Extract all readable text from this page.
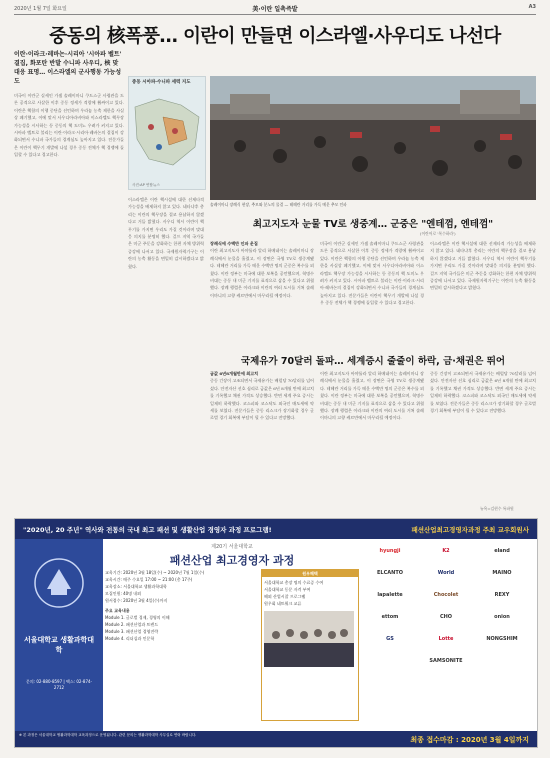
2020년 1월 7일 화요일	美·이란 일촉즉발	A3
중동의 核폭풍… 이란이 만들면 이스라엘·사우디도 나선다
이란·이라크·레바논·시리아 '시아파 벨트' 결집, 화포탄 반발 수니파 사우디, 核 맞대응 표명… 이스라엘의 군사행동 가능성도
미국이 이란군 실세인 가셈 솔레이마니 쿠드스군 사령관을 드론 공격으로 사살한 이후 중동 정세가 격랑에 휩싸이고 있다. 이란은 핵합의 이행 중단을 선언하며 우라늄 농축 제한을 사실상 폐기했고, 이에 맞서 사우디아라비아와 이스라엘도 핵무장 가능성을 시사하는 등 중동의 핵 도미노 우려가 커지고 있다. 시아파 벨트로 불리는 이란·이라크·시리아·레바논의 결집이 강화되면서 수니파 국가들의 경계심도 높아지고 있다. 전문가들은 이란이 핵무기 개발에 나설 경우 중동 전체가 핵 경쟁에 돌입할 수 있다고 경고한다.
중동 시아파·수니파 세력 지도
사진:AP 연합뉴스
이스라엘은 이란 핵시설에 대한 선제타격 가능성을 배제하지 않고 있다. 네타냐후 총리는 이란의 핵무장을 결코 용납하지 않겠다고 거듭 밝혔다. 사우디 역시 이란이 핵무기를 가지면 우리도 가질 것이라며 맞대응 의지를 분명히 했다. 걸프 지역 국가들은 미군 주둔을 강화하는 한편 자체 방위력 증강에 나서고 있다. 국제원자력기구는 이란의 농축 활동을 면밀히 감시하겠다고 밝혔다.
솔레이마니 장례식 현장, 추모와 분노의 물결 — 테헤란 거리를 가득 메운 추모 인파
최고지도자 눈물 TV로 생중계… 군중은 "엔테껌, 엔테껌"
(이란어로 '복수하라')
장례식에 수백만 인파 운집
이란 최고지도자 아야톨라 알리 하메네이는 솔레이마니 장례식에서 눈물을 흘렸고, 이 장면은 국영 TV로 생중계됐다. 테헤란 거리를 가득 메운 수백만 명의 군중은 복수를 외쳤다. 이란 정부는 미국에 대한 보복을 공언했으며, 혁명수비대는 중동 내 미군 기지를 표적으로 삼을 수 있다고 위협했다. 장례 행렬은 이라크와 이란의 여러 도시를 거쳐 솔레이마니의 고향 케르만에서 마무리될 예정이다.
미국이 이란군 실세인 가셈 솔레이마니 쿠드스군 사령관을 드론 공격으로 사살한 이후 중동 정세가 격랑에 휩싸이고 있다. 이란은 핵합의 이행 중단을 선언하며 우라늄 농축 제한을 사실상 폐기했고, 이에 맞서 사우디아라비아와 이스라엘도 핵무장 가능성을 시사하는 등 중동의 핵 도미노 우려가 커지고 있다. 시아파 벨트로 불리는 이란·이라크·시리아·레바논의 결집이 강화되면서 수니파 국가들의 경계심도 높아지고 있다. 전문가들은 이란이 핵무기 개발에 나설 경우 중동 전체가 핵 경쟁에 돌입할 수 있다고 경고한다.
이스라엘은 이란 핵시설에 대한 선제타격 가능성을 배제하지 않고 있다. 네타냐후 총리는 이란의 핵무장을 결코 용납하지 않겠다고 거듭 밝혔다. 사우디 역시 이란이 핵무기를 가지면 우리도 가질 것이라며 맞대응 의지를 분명히 했다. 걸프 지역 국가들은 미군 주둔을 강화하는 한편 자체 방위력 증강에 나서고 있다. 국제원자력기구는 이란의 농축 활동을 면밀히 감시하겠다고 밝혔다.
국제유가 70달러 돌파… 세계증시 줄줄이 하락, 금·채권은 뛰어
금값 6년8개월만에 최고치
중동 긴장이 고조되면서 국제유가는 배럴당 70달러를 넘어섰다. 안전자산 선호 심리로 금값은 6년 8개월 만에 최고치를 기록했고 채권 가격도 상승했다. 반면 세계 주요 증시는 일제히 하락했다. 코스피와 코스닥도 외국인 매도세에 약세를 보였다. 전문가들은 중동 리스크가 장기화할 경우 글로벌 경기 회복에 부담이 될 수 있다고 전망했다.
이란 최고지도자 아야톨라 알리 하메네이는 솔레이마니 장례식에서 눈물을 흘렸고, 이 장면은 국영 TV로 생중계됐다. 테헤란 거리를 가득 메운 수백만 명의 군중은 복수를 외쳤다. 이란 정부는 미국에 대한 보복을 공언했으며, 혁명수비대는 중동 내 미군 기지를 표적으로 삼을 수 있다고 위협했다. 장례 행렬은 이라크와 이란의 여러 도시를 거쳐 솔레이마니의 고향 케르만에서 마무리될 예정이다.
중동 긴장이 고조되면서 국제유가는 배럴당 70달러를 넘어섰다. 안전자산 선호 심리로 금값은 6년 8개월 만에 최고치를 기록했고 채권 가격도 상승했다. 반면 세계 주요 증시는 일제히 하락했다. 코스피와 코스닥도 외국인 매도세에 약세를 보였다. 전문가들은 중동 리스크가 장기화할 경우 글로벌 경기 회복에 부담이 될 수 있다고 전망했다.
뉴욕=김현수 특파원
"2020년, 20 주년" 역사와 전통의 국내 최고 패션 및 생활산업 경영자 과정 프로그램!	패션산업최고경영자과정 주최 교우회원사
서울대학교 생활과학대학
문의: 02-880-8597 | 팩스: 02-874-2712
제20기 서울대학교
패션산업 최고경영자 과정
교육기간: 2020년 3월 18일(수) ~ 2020년 7월 1일(수)
교육시간: 매주 수요일 17:00 ~ 21:00 (총 17주)
교육장소: 서울대학교 생활과학대학
모집인원: 40명 내외
원서접수: 2020년 3월 4일(수)까지
주요 교육내용
Module 1. 글로벌 경제, 경영의 이해
Module 2. 패션산업과 트렌드
Module 3. 패션산업 경영전략
Module 4. 리더십과 인문학
원우혜택
서울대학교 총장 명의 수료증 수여
서울대학교 동문 자격 부여
해외 산업시찰 프로그램
원우회 네트워크 교류
hyungji	K2	eland
ELCANTO	World	MAINO
lapalette	Chocolet	REXY
ettom	CHO	onion
GS	Lotte	NONGSHIM
SAMSONITE
※ 본 과정은 서울대학교 생활과학대학 교육과정으로 운영됩니다. 관련 문의는 생활과학대학 사무실로 연락 바랍니다.
최종 접수마감 : 2020년 3월 4일까지
